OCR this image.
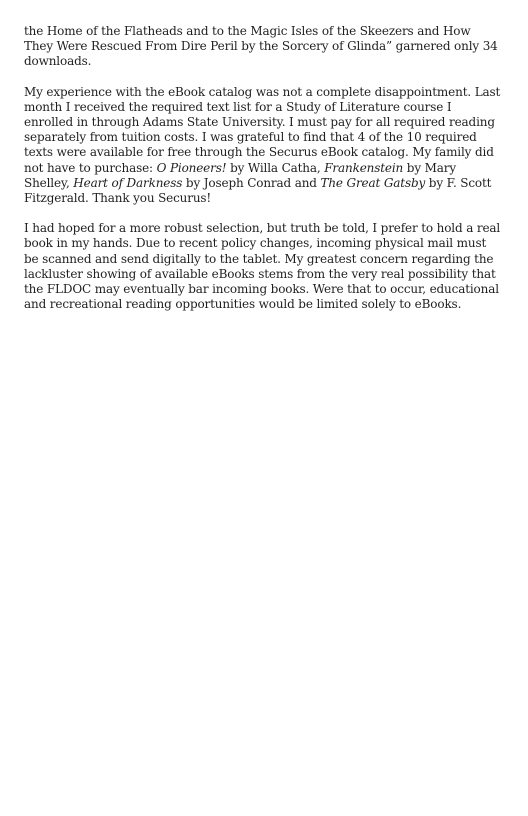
the Home of the Flatheads and to the Magic Isles of the Skeezers and How They Were Rescued From Dire Peril by the Sorcery of Glinda” garnered only 34 downloads.

My experience with the eBook catalog was not a complete disappointment. Last month I received the required text list for a Study of Literature course I enrolled in through Adams State University. I must pay for all required reading separately from tuition costs. I was grateful to find that 4 of the 10 required texts were available for free through the Securus eBook catalog. My family did not have to purchase: O Pioneers! by Willa Catha, Frankenstein by Mary Shelley, Heart of Darkness by Joseph Conrad and The Great Gatsby by F. Scott Fitzgerald. Thank you Securus!

I had hoped for a more robust selection, but truth be told, I prefer to hold a real book in my hands. Due to recent policy changes, incoming physical mail must be scanned and send digitally to the tablet. My greatest concern regarding the lackluster showing of available eBooks stems from the very real possibility that the FLDOC may eventually bar incoming books. Were that to occur, educational and recreational reading opportunities would be limited solely to eBooks.
